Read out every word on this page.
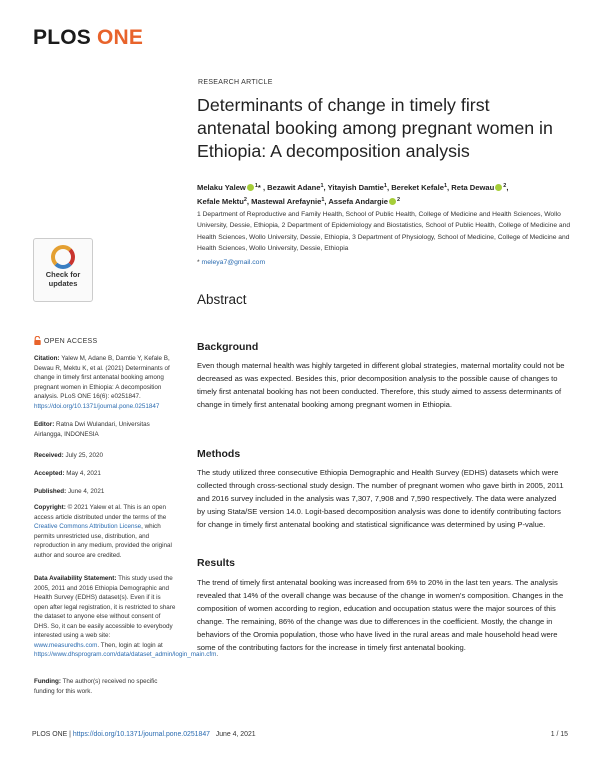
PLOS ONE
RESEARCH ARTICLE
Determinants of change in timely first antenatal booking among pregnant women in Ethiopia: A decomposition analysis
Melaku Yalew $^1$* , Bezawit Adane$^1$, Yitayish Damtie$^1$, Bereket Kefale$^1$, Reta Dewau $^2$,
Kefale Mektu$^2$, Mastewal Arefaynie$^1$, Assefa Andargie $^2$
1 Department of Reproductive and Family Health, School of Public Health, College of Medicine and Health Sciences, Wollo University, Dessie, Ethiopia, 2 Department of Epidemiology and Biostatistics, School of Public Health, College of Medicine and Health Sciences, Wollo University, Dessie, Ethiopia, 3 Department of Physiology, School of Medicine, College of Medicine and Health Sciences, Wollo University, Dessie, Ethiopia
* meleya7@gmail.com
Abstract
Background
Even though maternal health was highly targeted in different global strategies, maternal mortality could not be decreased as was expected. Besides this, prior decomposition analysis to the possible cause of changes to timely first antenatal booking has not been conducted. Therefore, this study aimed to assess determinants of change in timely first antenatal booking among pregnant women in Ethiopia.
Methods
The study utilized three consecutive Ethiopia Demographic and Health Survey (EDHS) datasets which were collected through cross-sectional study design. The number of pregnant women who gave birth in 2005, 2011 and 2016 survey included in the analysis was 7,307, 7,908 and 7,590 respectively. The data were analyzed by using Stata/SE version 14.0. Logit-based decomposition analysis was done to identify contributing factors for change in timely first antenatal booking and statistical significance was determined by using P-value.
Results
The trend of timely first antenatal booking was increased from 6% to 20% in the last ten years. The analysis revealed that 14% of the overall change was because of the change in women's composition. Changes in the composition of women according to region, education and occupation status were the major sources of this change. The remaining, 86% of the change was due to differences in the coefficient. Mostly, the change in behaviors of the Oromia population, those who have lived in the rural areas and male household head were some of the contributing factors for the increase in timely first antenatal booking.
Check for
updates
OPEN ACCESS
Citation: Yalew M, Adane B, Damtie Y, Kefale B, Dewau R, Mektu K, et al. (2021) Determinants of change in timely first antenatal booking among pregnant women in Ethiopia: A decomposition analysis. PLoS ONE 16(6): e0251847. https://doi.org/10.1371/journal.pone.0251847
Editor: Ratna Dwi Wulandari, Universitas Airlangga, INDONESIA
Received: July 25, 2020
Accepted: May 4, 2021
Published: June 4, 2021
Copyright: © 2021 Yalew et al. This is an open access article distributed under the terms of the Creative Commons Attribution License, which permits unrestricted use, distribution, and reproduction in any medium, provided the original author and source are credited.
Data Availability Statement: This study used the 2005, 2011 and 2016 Ethiopia Demographic and Health Survey (EDHS) dataset(s). Even if it is open after legal registration, it is restricted to share the dataset to anyone else without consent of DHS. So, it can be easily accessible to everybody interested using a web site: www.measuredhs.com. Then, login at: login at https://www.dhsprogram.com/data/dataset_admin/login_main.cfm.
Funding: The author(s) received no specific funding for this work.
PLOS ONE | https://doi.org/10.1371/journal.pone.0251847 June 4, 2021	1 / 15
